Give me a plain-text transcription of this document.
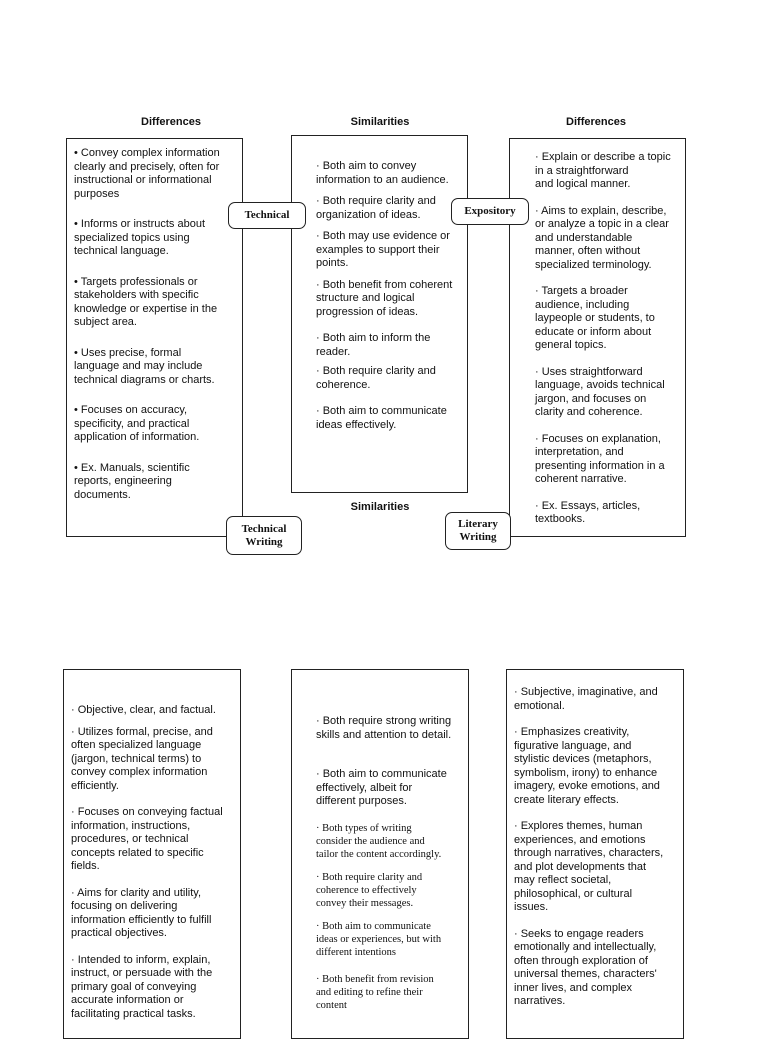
Differences	Similarities	Differences
Similarities

• Convey complex information
clearly and precisely, often for
instructional or informational
purposes

• Informs or instructs about
specialized topics using
technical language.

• Targets professionals or
stakeholders with specific
knowledge or expertise in the
subject area.

• Uses precise, formal
language and may include
technical diagrams or charts.

• Focuses on accuracy,
specificity, and practical
application of information.

• Ex. Manuals, scientific
reports, engineering
documents.

· Both aim to convey
information to an audience.

· Both require clarity and
organization of ideas.

· Both may use evidence or
examples to support their
points.

· Both benefit from coherent
structure and logical
progression of ideas.

· Both aim to inform the
reader.

· Both require clarity and
coherence.

· Both aim to communicate
ideas effectively.

· Explain or describe a topic
in a straightforward
and logical manner.

· Aims to explain, describe,
or analyze a topic in a clear
and understandable
manner, often without
specialized terminology.

· Targets a broader
audience, including
laypeople or students, to
educate or inform about
general topics.

· Uses straightforward
language, avoids technical
jargon, and focuses on
clarity and coherence.

· Focuses on explanation,
interpretation, and
presenting information in a
coherent narrative.

· Ex. Essays, articles,
textbooks.

Technical	Expository
Technical
Writing
Literary
Writing

· Objective, clear, and factual.

· Utilizes formal, precise, and
often specialized language
(jargon, technical terms) to
convey complex information
efficiently.

· Focuses on conveying factual
information, instructions,
procedures, or technical
concepts related to specific
fields.

· Aims for clarity and utility,
focusing on delivering
information efficiently to fulfill
practical objectives.

· Intended to inform, explain,
instruct, or persuade with the
primary goal of conveying
accurate information or
facilitating practical tasks.

· Both require strong writing
skills and attention to detail.

· Both aim to communicate
effectively, albeit for
different purposes.

· Both types of writing
consider the audience and
tailor the content accordingly.

· Both require clarity and
coherence to effectively
convey their messages.

· Both aim to communicate
ideas or experiences, but with
different intentions

· Both benefit from revision
and editing to refine their
content

· Subjective, imaginative, and
emotional.

· Emphasizes creativity,
figurative language, and
stylistic devices (metaphors,
symbolism, irony) to enhance
imagery, evoke emotions, and
create literary effects.

· Explores themes, human
experiences, and emotions
through narratives, characters,
and plot developments that
may reflect societal,
philosophical, or cultural
issues.

· Seeks to engage readers
emotionally and intellectually,
often through exploration of
universal themes, characters'
inner lives, and complex
narratives.
